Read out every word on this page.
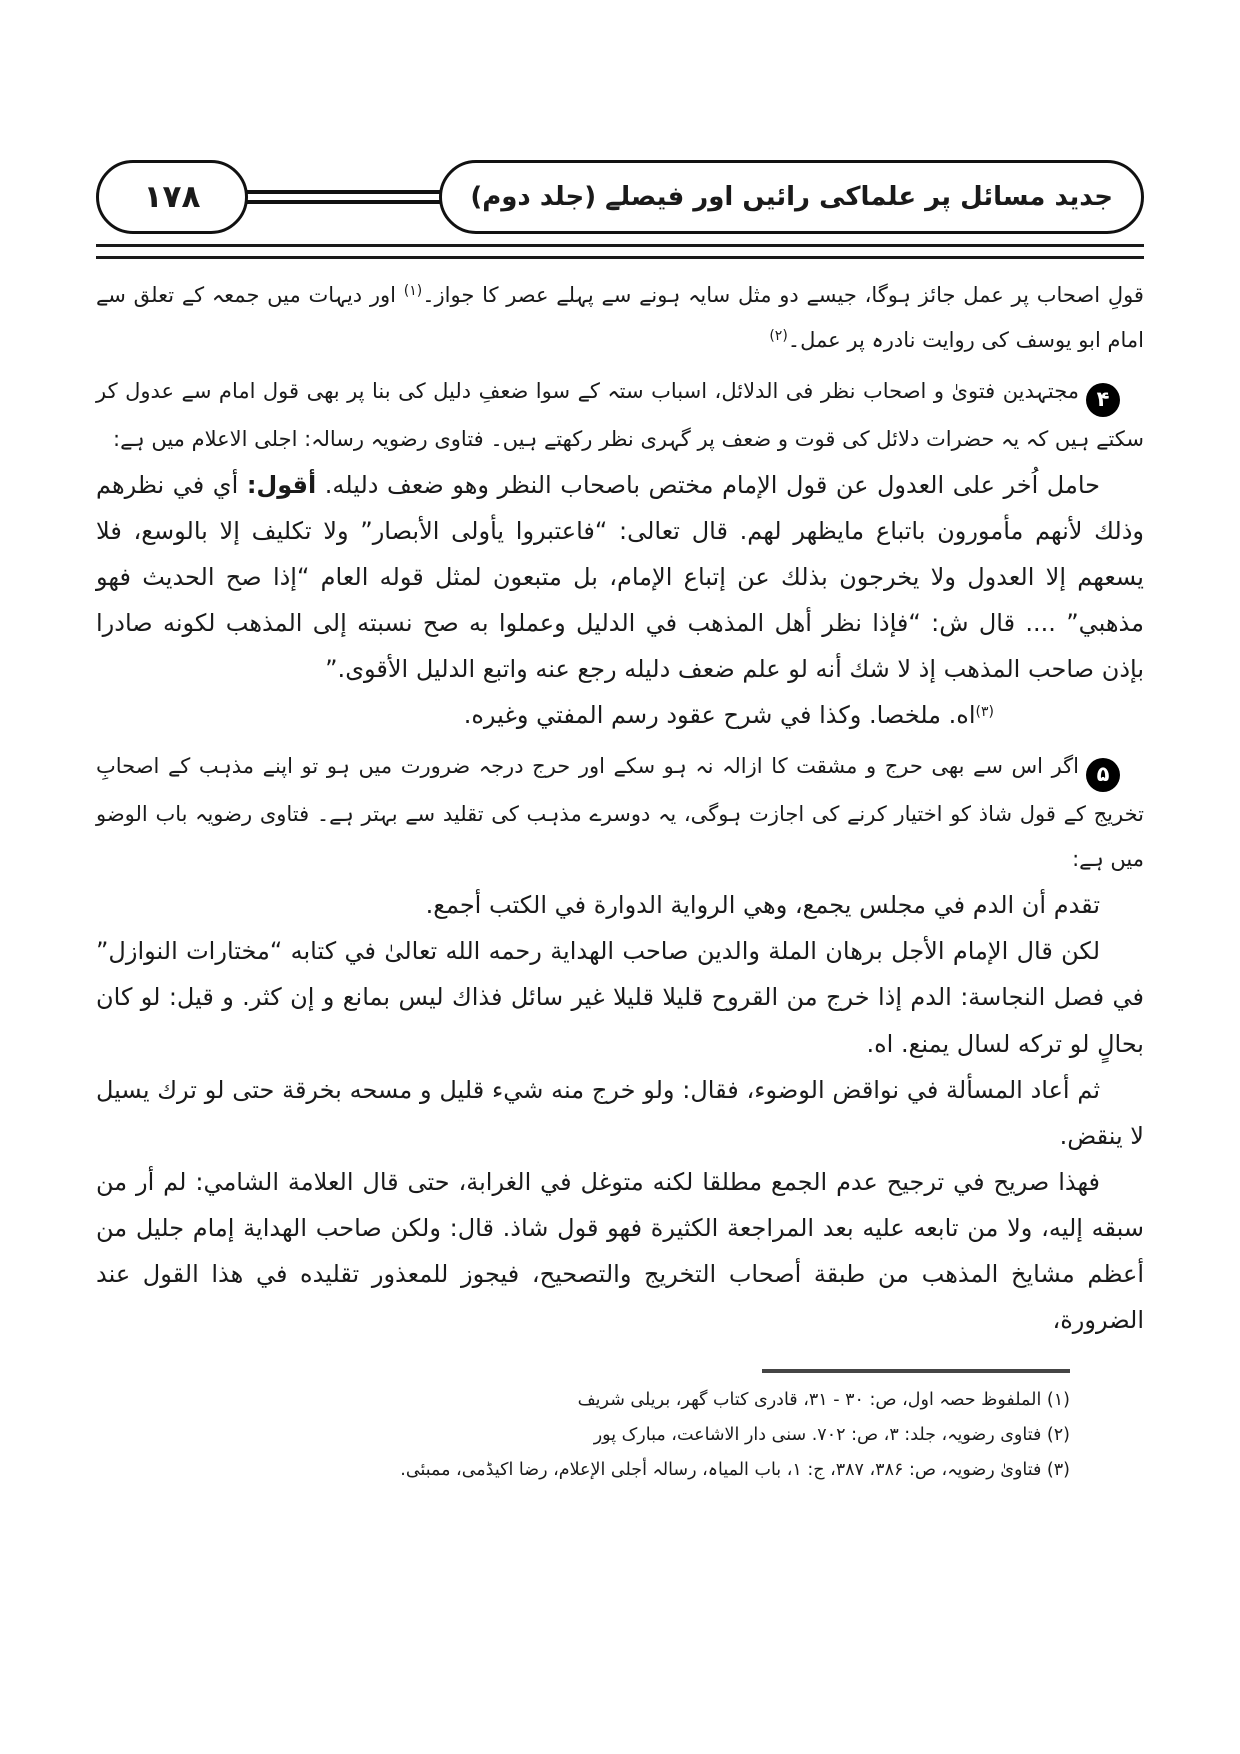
جدید مسائل پر علماکی رائیں اور فیصلے (جلد دوم)
١٧٨

قولِ اصحاب پر عمل جائز ہوگا، جیسے دو مثل سایہ ہونے سے پہلے عصر کا جواز۔$^{(۱)}$ اور دیہات میں جمعہ کے تعلق سے امام ابو یوسف کی روایت نادرہ پر عمل۔$^{(۲)}$

۴مجتہدین فتویٰ و اصحاب نظر فی الدلائل، اسباب ستہ کے سوا ضعفِ دلیل کی بنا پر بھی قول امام سے عدول کر سکتے ہیں کہ یہ حضرات دلائل کی قوت و ضعف پر گہری نظر رکھتے ہیں۔ فتاوی رضویہ رسالہ: اجلی الاعلام میں ہے:

حامل اُخر على العدول عن قول الإمام مختص باصحاب النظر وهو ضعف دليله. أقول: أي في نظرهم وذلك لأنهم مأمورون باتباع مايظهر لهم. قال تعالى: “فاعتبروا يأولى الأبصار” ولا تكليف إلا بالوسع، فلا يسعهم إلا العدول ولا يخرجون بذلك عن إتباع الإمام، بل متبعون لمثل قوله العام “إذا صح الحديث فهو مذهبي” .... قال ش: “فإذا نظر أهل المذهب في الدليل وعملوا به صح نسبته إلى المذهب لكونه صادرا بإذن صاحب المذهب إذ لا شك أنه لو علم ضعف دليله رجع عنه واتبع الدليل الأقوى.”

$^{(۳)}$اه. ملخصا. وكذا في شرح عقود رسم المفتي وغيره.

۵اگر اس سے بھی حرج و مشقت کا ازالہ نہ ہو سکے اور حرج درجہ ضرورت میں ہو تو اپنے مذہب کے اصحابِ تخریج کے قول شاذ کو اختیار کرنے کی اجازت ہوگی، یہ دوسرے مذہب کی تقلید سے بہتر ہے۔ فتاوی رضویہ باب الوضو میں ہے:

تقدم أن الدم في مجلس يجمع، وهي الرواية الدوارة في الكتب أجمع.

لكن قال الإمام الأجل برهان الملة والدين صاحب الهداية رحمه الله تعالىٰ في كتابه “مختارات النوازل” في فصل النجاسة: الدم إذا خرج من القروح قليلا قليلا غير سائل فذاك ليس بمانع و إن كثر. و قيل: لو كان بحالٍ لو تركه لسال يمنع. اه.

ثم أعاد المسألة في نواقض الوضوء، فقال: ولو خرج منه شيء قليل و مسحه بخرقة حتى لو ترك يسيل لا ينقض.

فهذا صريح في ترجيح عدم الجمع مطلقا لكنه متوغل في الغرابة، حتى قال العلامة الشامي: لم أر من سبقه إليه، ولا من تابعه عليه بعد المراجعة الكثيرة فهو قول شاذ. قال: ولكن صاحب الهداية إمام جليل من أعظم مشايخ المذهب من طبقة أصحاب التخريج والتصحيح، فيجوز للمعذور تقليده في هذا القول عند الضرورة،

(۱) الملفوظ حصہ اول، ص: ۳۰ - ۳۱، قادری کتاب گھر، بریلی شریف
(۲) فتاوی رضویہ، جلد: ۳، ص: ۷۰۲. سنی دار الاشاعت، مبارک پور
(۳) فتاویٰ رضویہ، ص: ۳۸۶، ۳۸۷، ج: ۱، باب المیاہ، رسالہ أجلی الإعلام، رضا اکیڈمی، ممبئی.
